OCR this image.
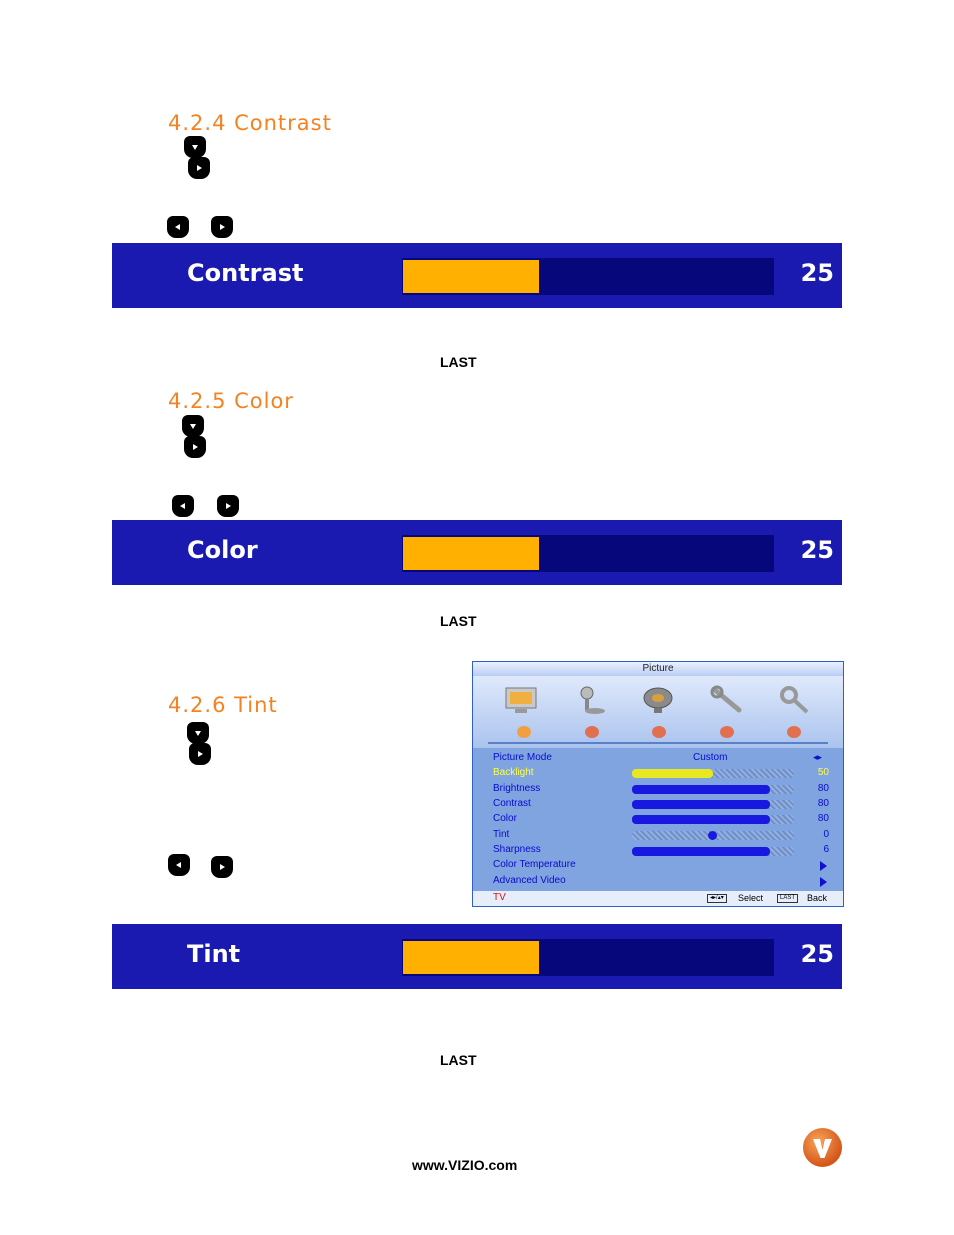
4.2.4 Contrast
Contrast	25
LAST
4.2.5 Color
Color	25
LAST
Picture
Picture Mode	Custom	◂▸
Backlight	50
Brightness	80
Contrast	80
Color	80
Tint	0
Sharpness	6
Color Temperature
Advanced Video
TV	◂▸/▴▾	Select	LAST	Back
4.2.6 Tint
Tint	25
LAST
www.VIZIO.com
